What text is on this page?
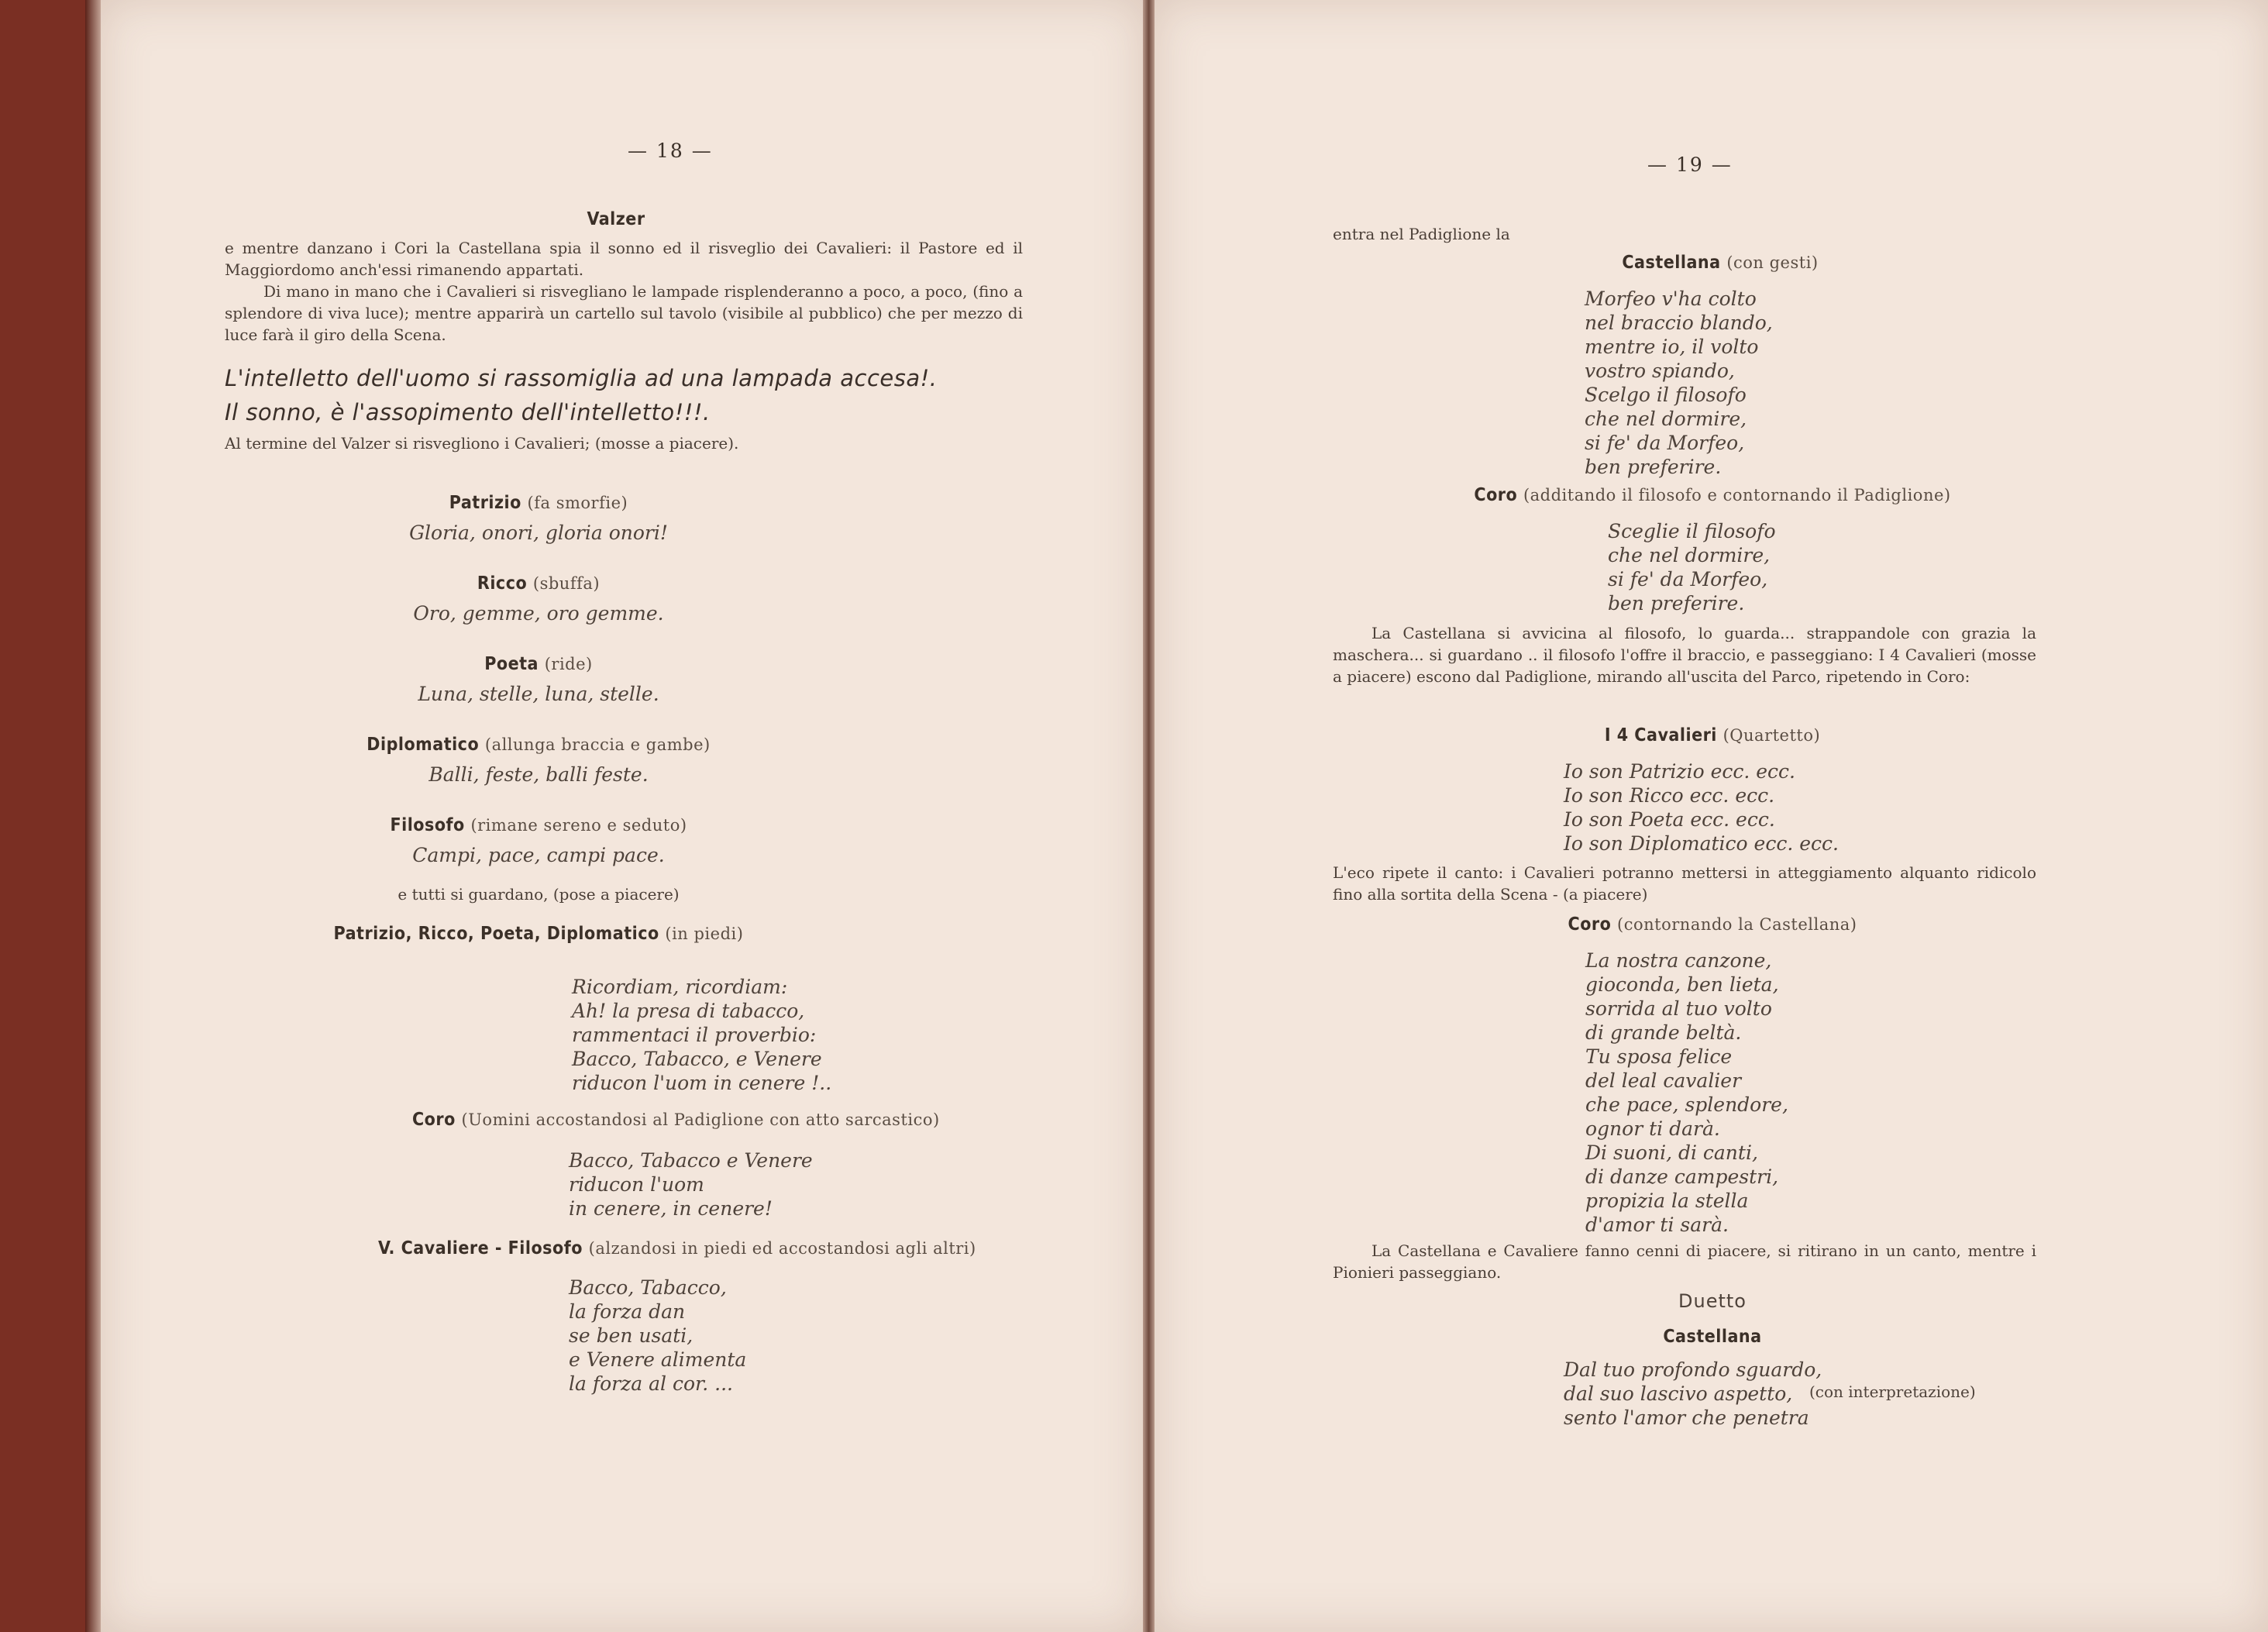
— 18 —
Valzer
e mentre danzano i Cori la Castellana spia il sonno ed il risveglio dei Cavalieri: il Pastore ed il Maggiordomo anch'essi rimanendo appartati.
Di mano in mano che i Cavalieri si risvegliano le lampade risplenderanno a poco, a poco, (fino a splendore di viva luce); mentre apparirà un cartello sul tavolo (visibile al pubblico) che per mezzo di luce farà il giro della Scena.
L'intelletto dell'uomo si rassomiglia ad una lampada accesa!.
Il sonno, è l'assopimento dell'intelletto!!!.
Al termine del Valzer si risvegliono i Cavalieri; (mosse a piacere).
Patrizio (fa smorfie)
Gloria, onori, gloria onori!
Ricco (sbuffa)
Oro, gemme, oro gemme.
Poeta (ride)
Luna, stelle, luna, stelle.
Diplomatico (allunga braccia e gambe)
Balli, feste, balli feste.
Filosofo (rimane sereno e seduto)
Campi, pace, campi pace.
e tutti si guardano, (pose a piacere)
Patrizio, Ricco, Poeta, Diplomatico (in piedi)
Ricordiam, ricordiam:
Ah! la presa di tabacco,
rammentaci il proverbio:
Bacco, Tabacco, e Venere
riducon l'uom in cenere !..
Coro (Uomini accostandosi al Padiglione con atto sarcastico)
Bacco, Tabacco e Venere
riducon l'uom
in cenere, in cenere!
V. Cavaliere - Filosofo (alzandosi in piedi ed accostandosi agli altri)
Bacco, Tabacco,
la forza dan
se ben usati,
e Venere alimenta
la forza al cor. ...
— 19 —
entra nel Padiglione la
Castellana (con gesti)
Morfeo v'ha colto
nel braccio blando,
mentre io, il volto
vostro spiando,
Scelgo il filosofo
che nel dormire,
si fe' da Morfeo,
ben preferire.
Coro (additando il filosofo e contornando il Padiglione)
Sceglie il filosofo
che nel dormire,
si fe' da Morfeo,
ben preferire.
La Castellana si avvicina al filosofo, lo guarda... strappandole con grazia la maschera... si guardano .. il filosofo l'offre il braccio, e passeggiano: I 4 Cavalieri (mosse a piacere) escono dal Padiglione, mirando all'uscita del Parco, ripetendo in Coro:
I 4 Cavalieri (Quartetto)
Io son Patrizio ecc. ecc.
Io son Ricco ecc. ecc.
Io son Poeta ecc. ecc.
Io son Diplomatico ecc. ecc.
L'eco ripete il canto: i Cavalieri potranno mettersi in atteggiamento alquanto ridicolo fino alla sortita della Scena - (a piacere)
Coro (contornando la Castellana)
La nostra canzone,
gioconda, ben lieta,
sorrida al tuo volto
di grande beltà.
Tu sposa felice
del leal cavalier
che pace, splendore,
ognor ti darà.
Di suoni, di canti,
di danze campestri,
propizia la stella
d'amor ti sarà.
La Castellana e Cavaliere fanno cenni di piacere, si ritirano in un canto, mentre i Pionieri passeggiano.
Duetto
Castellana
Dal tuo profondo sguardo,
dal suo lascivo aspetto,
sento l'amor che penetra
(con interpretazione)
